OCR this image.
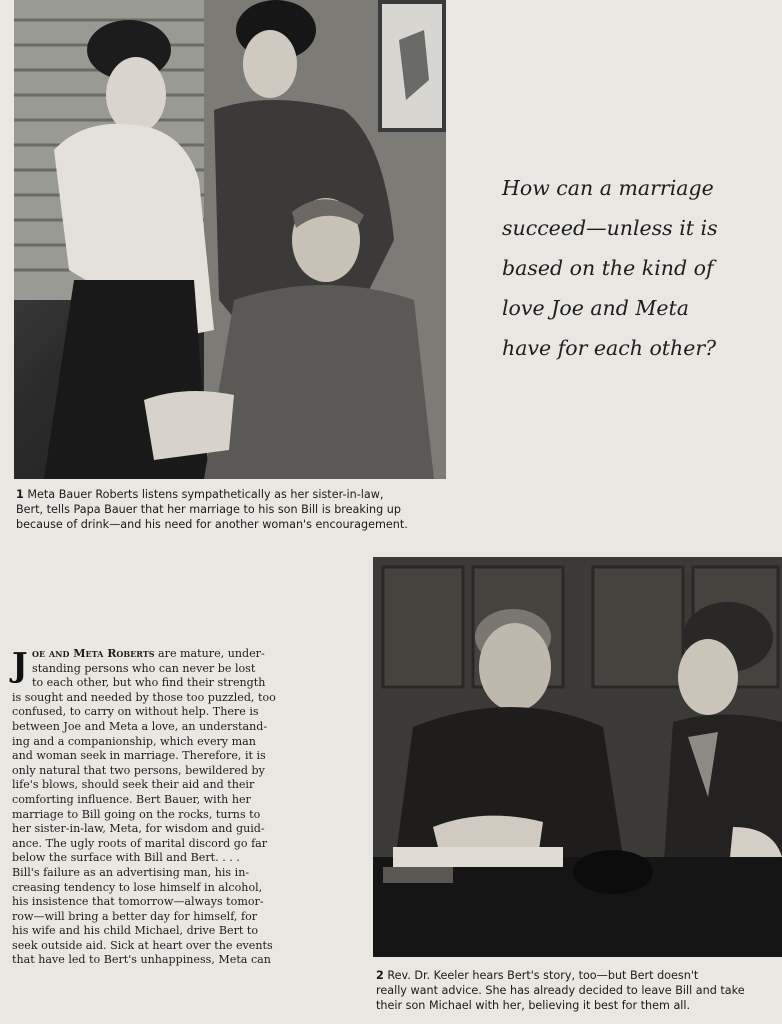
How can a marriage
succeed—unless it is
based on the kind of
love Joe and Meta
have for each other?
1 Meta Bauer Roberts listens sympathetically as her sister-in-law,
Bert, tells Papa Bauer that her marriage to his son Bill is breaking up
because of drink—and his need for another woman's encouragement.
J oe and Meta Roberts are mature, under-
standing persons who can never be lost
to each other, but who find their strength
is sought and needed by those too puzzled, too
confused, to carry on without help. There is
between Joe and Meta a love, an understand-
ing and a companionship, which every man
and woman seek in marriage. Therefore, it is
only natural that two persons, bewildered by
life's blows, should seek their aid and their
comforting influence. Bert Bauer, with her
marriage to Bill going on the rocks, turns to
her sister-in-law, Meta, for wisdom and guid-
ance. The ugly roots of marital discord go far
below the surface with Bill and Bert. . . .
Bill's failure as an advertising man, his in-
creasing tendency to lose himself in alcohol,
his insistence that tomorrow—always tomor-
row—will bring a better day for himself, for
his wife and his child Michael, drive Bert to
seek outside aid. Sick at heart over the events
that have led to Bert's unhappiness, Meta can
2 Rev. Dr. Keeler hears Bert's story, too—but Bert doesn't
really want advice. She has already decided to leave Bill and take
their son Michael with her, believing it best for them all.
